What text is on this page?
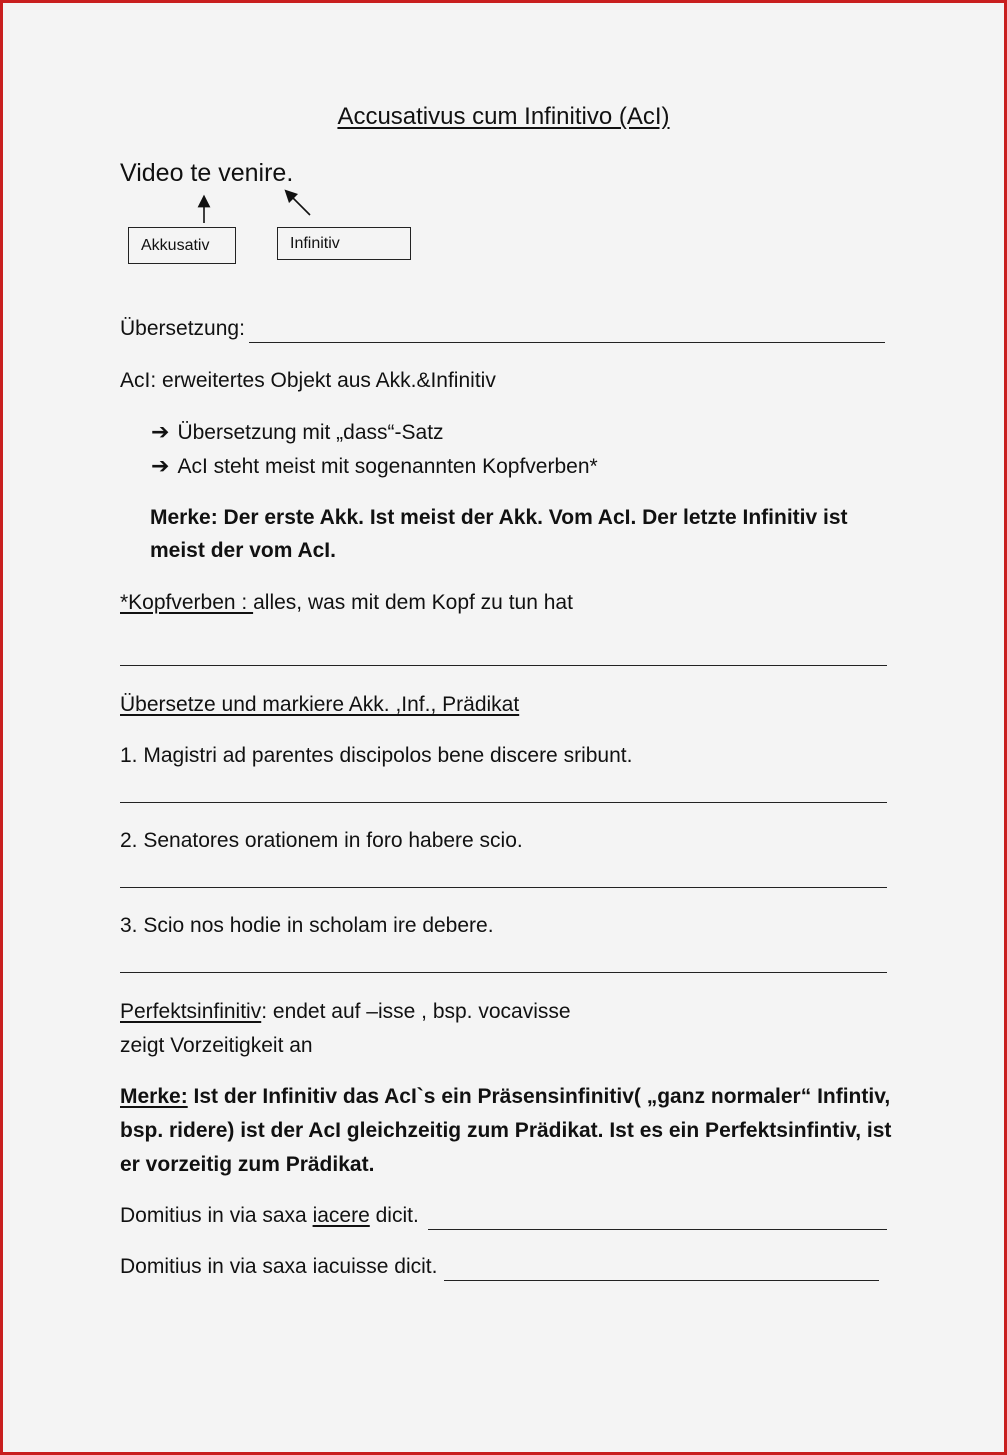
Accusativus cum Infinitivo (AcI)
Video te venire.
Akkusativ	Infinitiv
Übersetzung:
AcI: erweitertes Objekt aus Akk.&Infinitiv
➔ Übersetzung mit „dass“-Satz
➔ AcI steht meist mit sogenannten Kopfverben*
Merke: Der erste Akk. Ist meist der Akk. Vom AcI. Der letzte Infinitiv ist
meist der vom AcI.
*Kopfverben : alles, was mit dem Kopf zu tun hat
Übersetze und markiere Akk. ,Inf., Prädikat
1. Magistri ad parentes discipolos bene discere sribunt.
2. Senatores orationem in foro habere scio.
3. Scio nos hodie in scholam ire debere.
Perfektsinfinitiv: endet auf –isse , bsp. vocavisse
zeigt Vorzeitigkeit an
Merke: Ist der Infinitiv das AcI`s ein Präsensinfinitiv( „ganz normaler“ Infintiv,
bsp. ridere) ist der AcI gleichzeitig zum Prädikat. Ist es ein Perfektsinfintiv, ist
er vorzeitig zum Prädikat.
Domitius in via saxa iacere dicit.
Domitius in via saxa iacuisse dicit.
